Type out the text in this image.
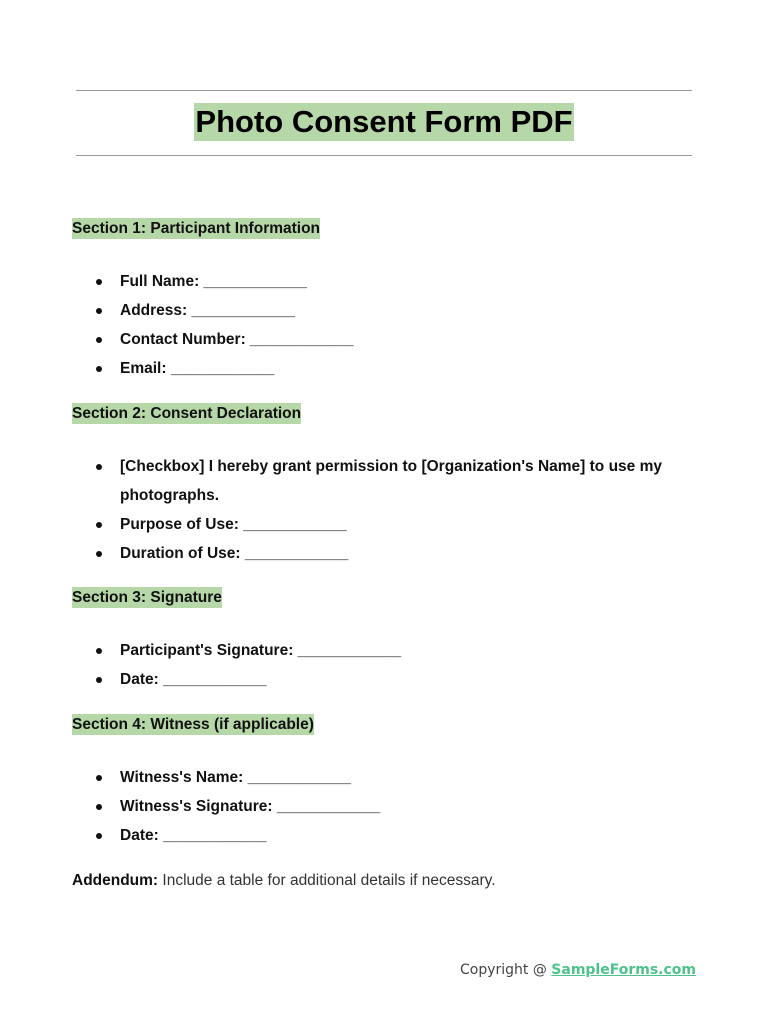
Photo Consent Form PDF
Section 1: Participant Information
Full Name: ____________
Address: ____________
Contact Number: ____________
Email: ____________
Section 2: Consent Declaration
[Checkbox] I hereby grant permission to [Organization's Name] to use my photographs.
Purpose of Use: ____________
Duration of Use: ____________
Section 3: Signature
Participant's Signature: ____________
Date: ____________
Section 4: Witness (if applicable)
Witness's Name: ____________
Witness's Signature: ____________
Date: ____________
Addendum: Include a table for additional details if necessary.
Copyright @ SampleForms.com
